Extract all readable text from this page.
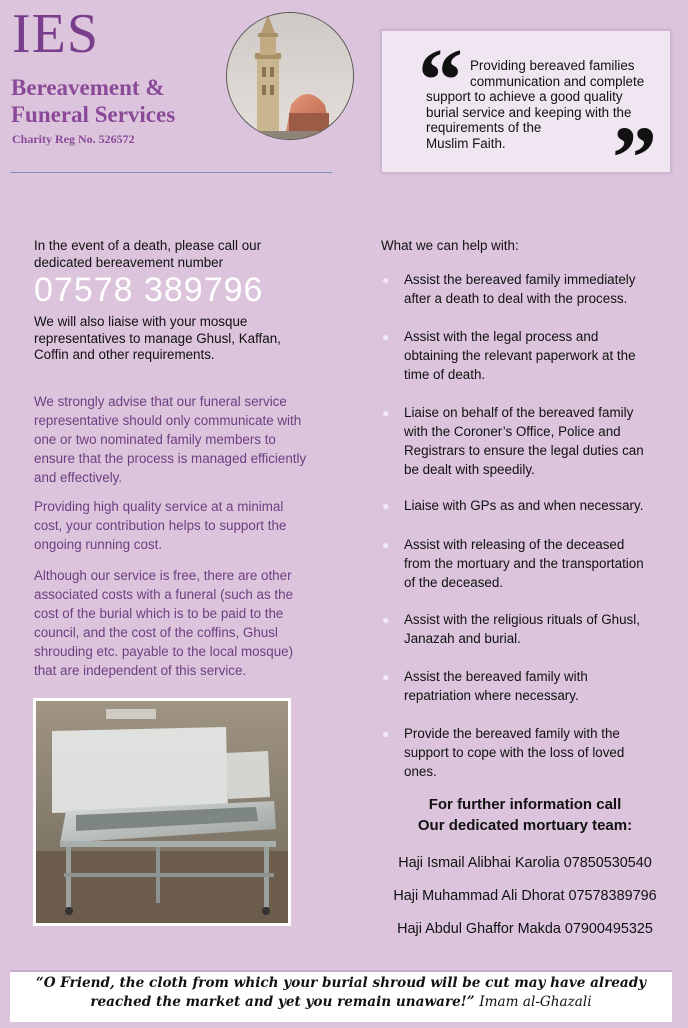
IES
Bereavement &
Funeral Services
Charity Reg No. 526572
“
”
Providing bereaved families
communication and complete
support to achieve a good quality
burial service and keeping with the
requirements of the
Muslim Faith.
In the event of a death, please call our
dedicated bereavement number
07578 389796
We will also liaise with your mosque
representatives to manage Ghusl, Kaffan,
Coffin and other requirements.
We strongly advise that our funeral service
representative should only communicate with
one or two nominated family members to
ensure that the process is managed efficiently
and effectively.
Providing high quality service at a minimal
cost, your contribution helps to support the
ongoing running cost.
Although our service is free, there are other
associated costs with a funeral (such as the
cost of the burial which is to be paid to the
council, and the cost of the coffins, Ghusl
shrouding etc. payable to the local mosque)
that are independent of this service.
What we can help with:
● Assist the bereaved family immediately
after a death to deal with the process.
● Assist with the legal process and
obtaining the relevant paperwork at the
time of death.
● Liaise on behalf of the bereaved family
with the Coroner’s Office, Police and
Registrars to ensure the legal duties can
be dealt with speedily.
● Liaise with GPs as and when necessary.
● Assist with releasing of the deceased
from the mortuary and the transportation
of the deceased.
● Assist with the religious rituals of Ghusl,
Janazah and burial.
● Assist the bereaved family with
repatriation where necessary.
● Provide the bereaved family with the
support to cope with the loss of loved
ones.
For further information call
Our dedicated mortuary team:
Haji Ismail Alibhai Karolia 07850530540
Haji Muhammad Ali Dhorat 07578389796
Haji Abdul Ghaffor Makda 07900495325
“O Friend, the cloth from which your burial shroud will be cut may have already
reached the market and yet you remain unaware!” Imam al-Ghazali
